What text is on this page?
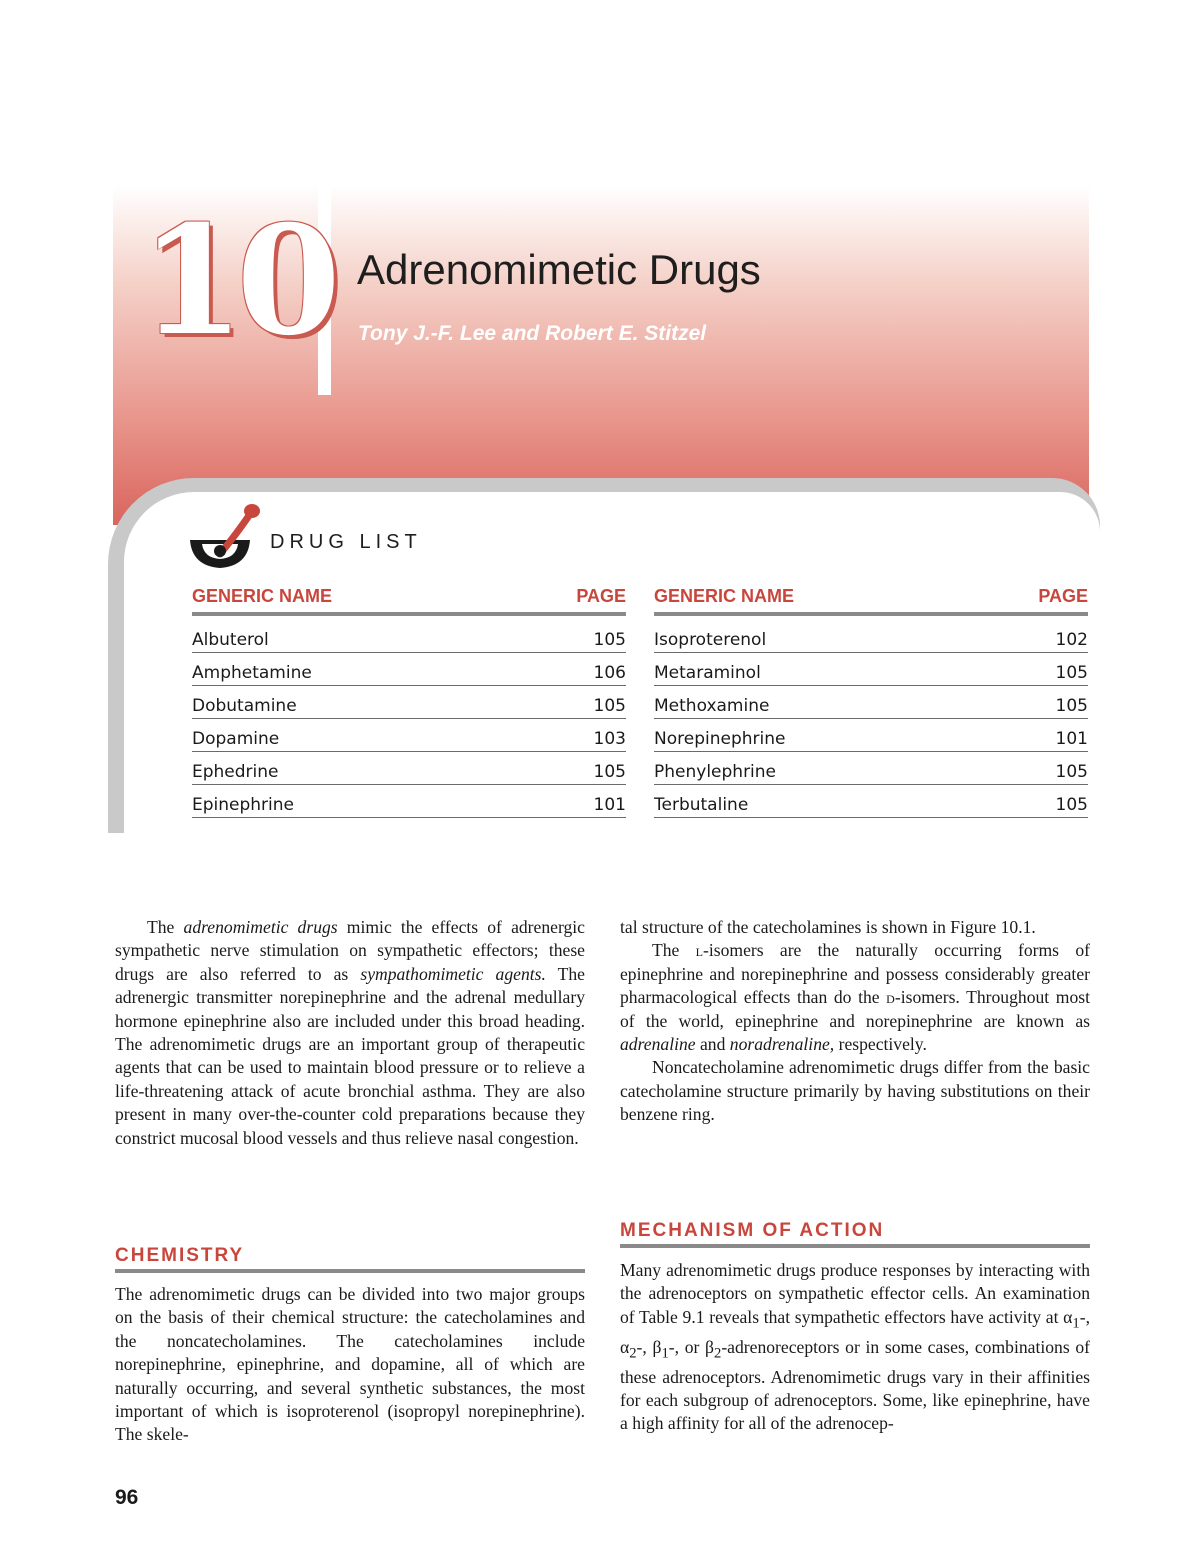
10 Adrenomimetic Drugs
Tony J.-F. Lee and Robert E. Stitzel
DRUG LIST
GENERIC NAME	PAGE
Albuterol	105
Amphetamine	106
Dobutamine	105
Dopamine	103
Ephedrine	105
Epinephrine	101
GENERIC NAME	PAGE
Isoproterenol	102
Metaraminol	105
Methoxamine	105
Norepinephrine	101
Phenylephrine	105
Terbutaline	105

The adrenomimetic drugs mimic the effects of adrenergic sympathetic nerve stimulation on sympathetic effectors; these drugs are also referred to as sympathomimetic agents. The adrenergic transmitter norepinephrine and the adrenal medullary hormone epinephrine also are included under this broad heading. The adrenomimetic drugs are an important group of therapeutic agents that can be used to maintain blood pressure or to relieve a life-threatening attack of acute bronchial asthma. They are also present in many over-the-counter cold preparations because they constrict mucosal blood vessels and thus relieve nasal congestion.

CHEMISTRY

The adrenomimetic drugs can be divided into two major groups on the basis of their chemical structure: the catecholamines and the noncatecholamines. The catecholamines include norepinephrine, epinephrine, and dopamine, all of which are naturally occurring, and several synthetic substances, the most important of which is isoproterenol (isopropyl norepinephrine). The skele-

tal structure of the catecholamines is shown in Figure 10.1.

The l-isomers are the naturally occurring forms of epinephrine and norepinephrine and possess considerably greater pharmacological effects than do the d-isomers. Throughout most of the world, epinephrine and norepinephrine are known as adrenaline and noradrenaline, respectively.

Noncatecholamine adrenomimetic drugs differ from the basic catecholamine structure primarily by having substitutions on their benzene ring.

MECHANISM OF ACTION

Many adrenomimetic drugs produce responses by interacting with the adrenoceptors on sympathetic effector cells. An examination of Table 9.1 reveals that sympathetic effectors have activity at $\alpha_1-$, $\alpha_2-$, $\beta_1-$, or $\beta_2$-adrenoreceptors or in some cases, combinations of these adrenoceptors. Adrenomimetic drugs vary in their affinities for each subgroup of adrenoceptors. Some, like epinephrine, have a high affinity for all of the adrenocep-

96
